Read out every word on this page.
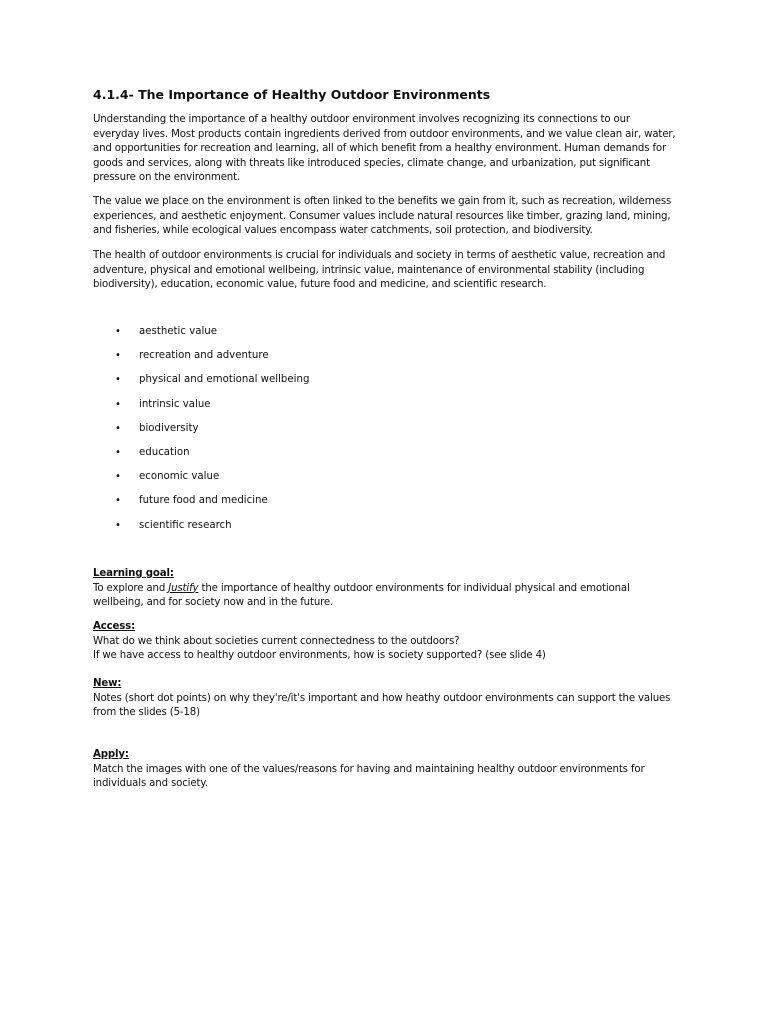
4.1.4- The Importance of Healthy Outdoor Environments

Understanding the importance of a healthy outdoor environment involves recognizing its connections to our everyday lives. Most products contain ingredients derived from outdoor environments, and we value clean air, water, and opportunities for recreation and learning, all of which benefit from a healthy environment. Human demands for goods and services, along with threats like introduced species, climate change, and urbanization, put significant pressure on the environment.

The value we place on the environment is often linked to the benefits we gain from it, such as recreation, wilderness experiences, and aesthetic enjoyment. Consumer values include natural resources like timber, grazing land, mining, and fisheries, while ecological values encompass water catchments, soil protection, and biodiversity.

The health of outdoor environments is crucial for individuals and society in terms of aesthetic value, recreation and adventure, physical and emotional wellbeing, intrinsic value, maintenance of environmental stability (including biodiversity), education, economic value, future food and medicine, and scientific research.

• aesthetic value
• recreation and adventure
• physical and emotional wellbeing
• intrinsic value
• biodiversity
• education
• economic value
• future food and medicine
• scientific research
Learning goal:
To explore and Justify the importance of healthy outdoor environments for individual physical and emotional wellbeing, and for society now and in the future.
Access:
What do we think about societies current connectedness to the outdoors?
If we have access to healthy outdoor environments, how is society supported? (see slide 4)
New:
Notes (short dot points) on why they're/it's important and how heathy outdoor environments can support the values from the slides (5-18)
Apply:
Match the images with one of the values/reasons for having and maintaining healthy outdoor environments for individuals and society.
